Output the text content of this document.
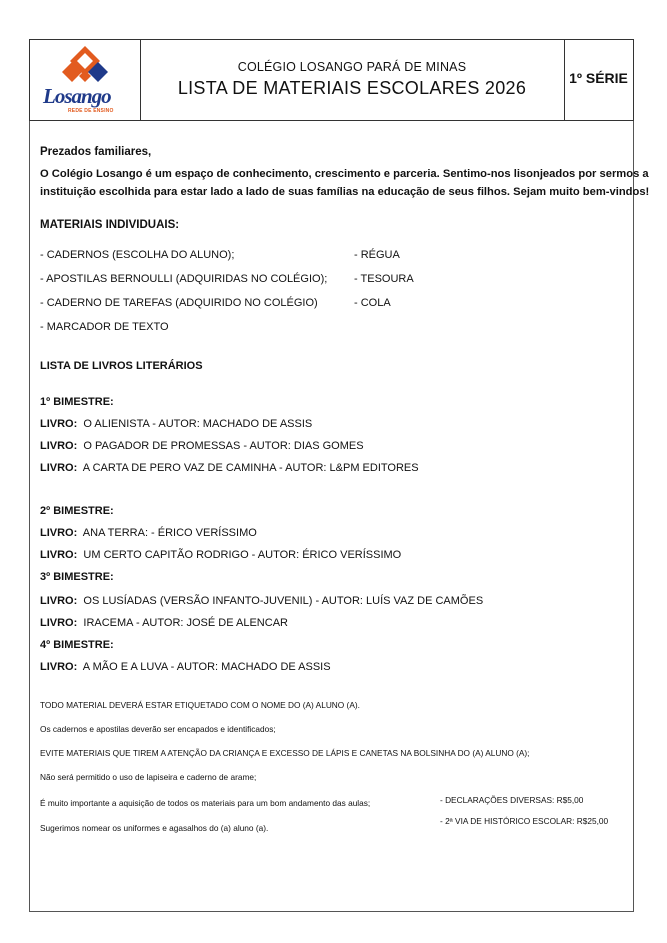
Losango
REDE DE ENSINO
COLÉGIO LOSANGO PARÁ DE MINAS
LISTA DE MATERIAIS ESCOLARES 2026	1º SÉRIE
Prezados familiares,
O Colégio Losango é um espaço de conhecimento, crescimento e parceria. Sentimo-nos lisonjeados por sermos a
instituição escolhida para estar lado a lado de suas famílias na educação de seus filhos. Sejam muito bem-vindos!
MATERIAIS INDIVIDUAIS:
- CADERNOS (ESCOLHA DO ALUNO);
- APOSTILAS BERNOULLI (ADQUIRIDAS NO COLÉGIO);
- CADERNO DE TAREFAS (ADQUIRIDO NO COLÉGIO)
- MARCADOR DE TEXTO
- RÉGUA
- TESOURA
- COLA
LISTA DE LIVROS LITERÁRIOS
1º BIMESTRE:
LIVRO: O ALIENISTA - AUTOR: MACHADO DE ASSIS
LIVRO: O PAGADOR DE PROMESSAS - AUTOR: DIAS GOMES
LIVRO: A CARTA DE PERO VAZ DE CAMINHA - AUTOR: L&PM EDITORES
2º BIMESTRE:
LIVRO: ANA TERRA: - ÉRICO VERÍSSIMO
LIVRO: UM CERTO CAPITÃO RODRIGO - AUTOR: ÉRICO VERÍSSIMO
3º BIMESTRE:
LIVRO: OS LUSÍADAS (VERSÃO INFANTO-JUVENIL) - AUTOR: LUÍS VAZ DE CAMÕES
LIVRO: IRACEMA - AUTOR: JOSÉ DE ALENCAR
4º BIMESTRE:
LIVRO: A MÃO E A LUVA - AUTOR: MACHADO DE ASSIS
TODO MATERIAL DEVERÁ ESTAR ETIQUETADO COM O NOME DO (A) ALUNO (A).
Os cadernos e apostilas deverão ser encapados e identificados;
EVITE MATERIAIS QUE TIREM A ATENÇÃO DA CRIANÇA E EXCESSO DE LÁPIS E CANETAS NA BOLSINHA DO (A) ALUNO (A);
Não será permitido o uso de lapiseira e caderno de arame;
É muito importante a aquisição de todos os materiais para um bom andamento das aulas;
Sugerimos nomear os uniformes e agasalhos do (a) aluno (a).
- DECLARAÇÕES DIVERSAS: R$5,00
- 2ª VIA DE HISTÓRICO ESCOLAR: R$25,00
